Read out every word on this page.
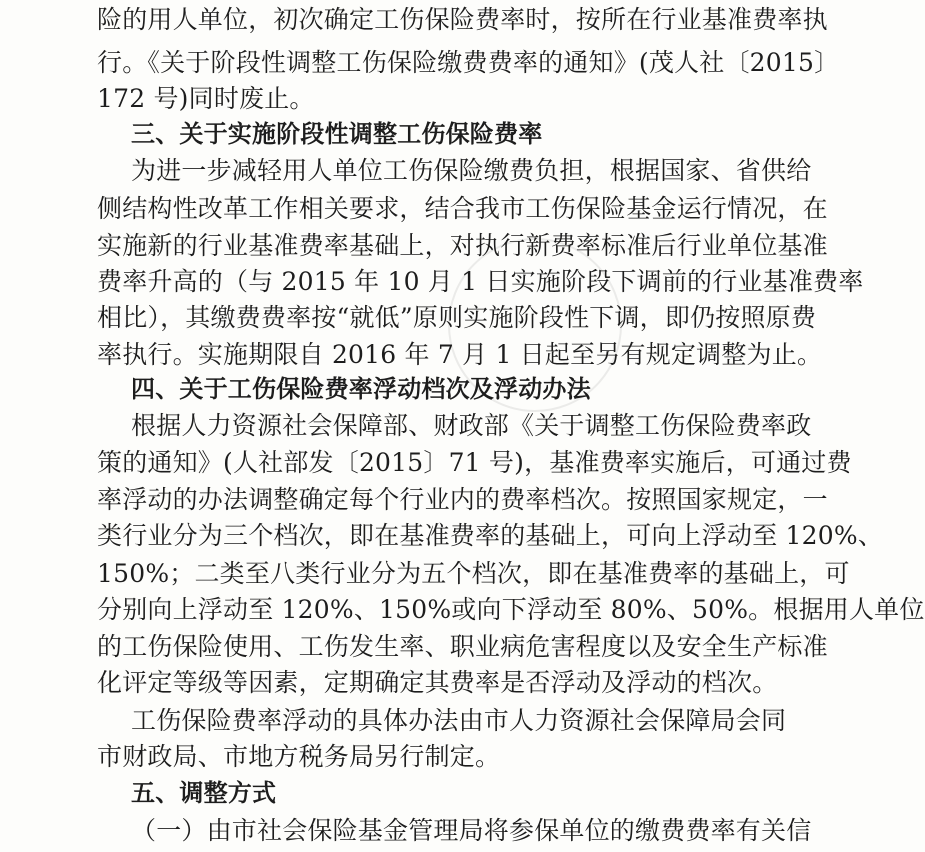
险的用人单位，初次确定工伤保险费率时，按所在行业基准费率执
行。《关于阶段性调整工伤保险缴费费率的通知》(茂人社〔2015〕
172 号)同时废止。
三、关于实施阶段性调整工伤保险费率
为进一步减轻用人单位工伤保险缴费负担，根据国家、省供给
侧结构性改革工作相关要求，结合我市工伤保险基金运行情况，在
实施新的行业基准费率基础上，对执行新费率标准后行业单位基准
费率升高的（与 2015 年 10 月 1 日实施阶段下调前的行业基准费率
相比），其缴费费率按“就低”原则实施阶段性下调，即仍按照原费
率执行。实施期限自 2016 年 7 月 1 日起至另有规定调整为止。
四、关于工伤保险费率浮动档次及浮动办法
根据人力资源社会保障部、财政部《关于调整工伤保险费率政
策的通知》(人社部发〔2015〕71 号)，基准费率实施后，可通过费
率浮动的办法调整确定每个行业内的费率档次。按照国家规定，一
类行业分为三个档次，即在基准费率的基础上，可向上浮动至 120%、
150%；二类至八类行业分为五个档次，即在基准费率的基础上，可
分别向上浮动至 120%、150%或向下浮动至 80%、50%。根据用人单位
的工伤保险使用、工伤发生率、职业病危害程度以及安全生产标准
化评定等级等因素，定期确定其费率是否浮动及浮动的档次。
工伤保险费率浮动的具体办法由市人力资源社会保障局会同
市财政局、市地方税务局另行制定。
五、调整方式
（一）由市社会保险基金管理局将参保单位的缴费费率有关信
